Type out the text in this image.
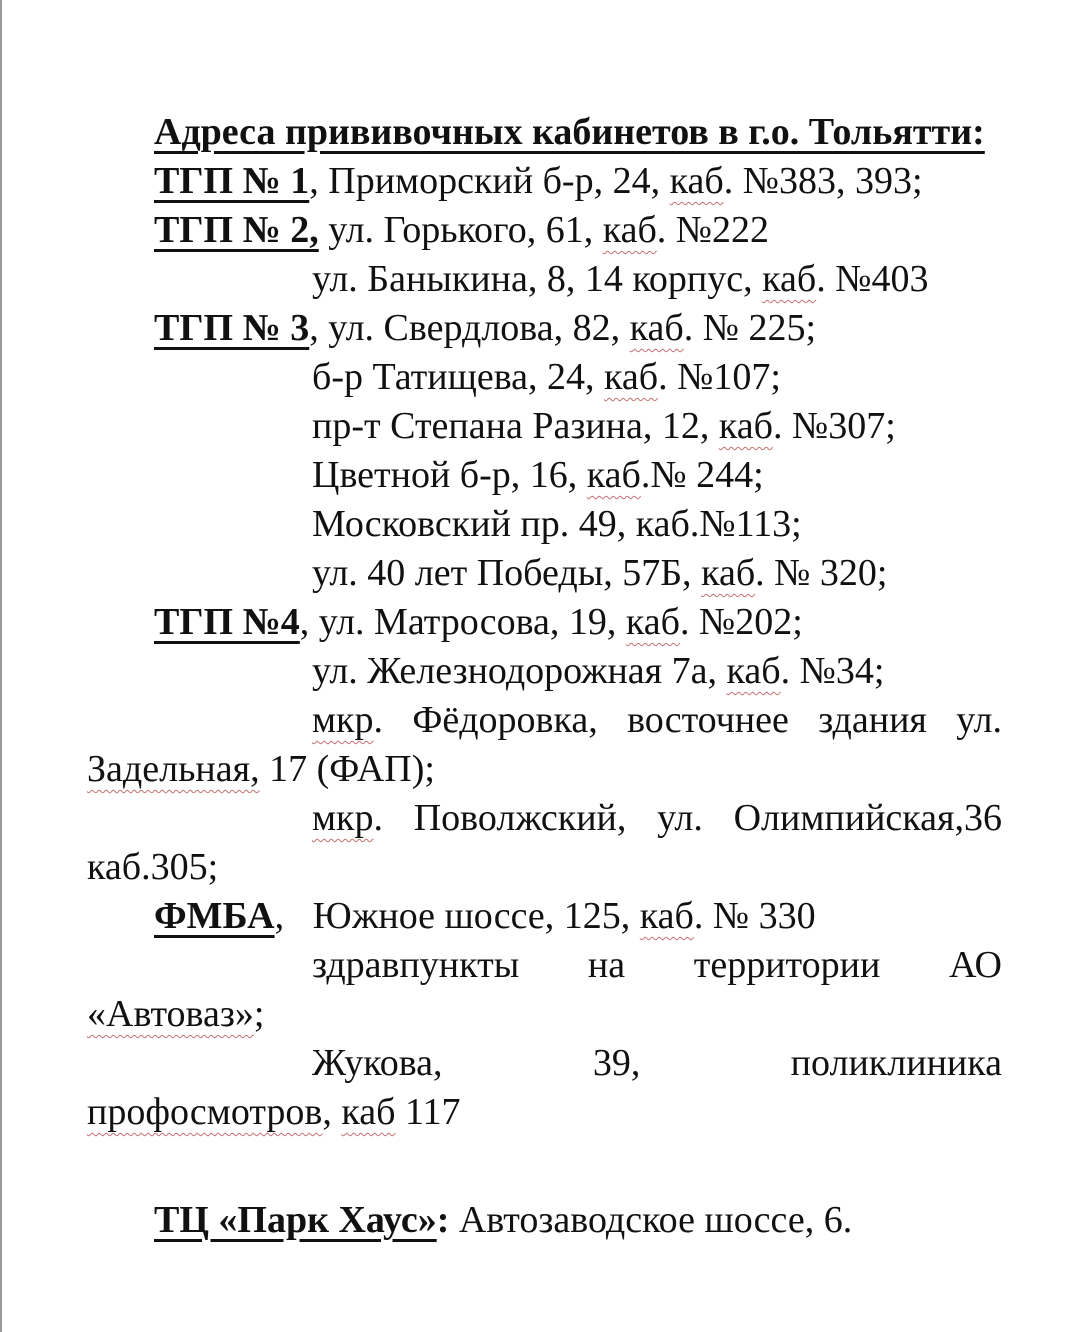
Адреса прививочных кабинетов в г.о. Тольятти:
ТГП № 1, Приморский б-р, 24, каб. №383, 393;
ТГП № 2, ул. Горького, 61, каб. №222
ул. Баныкина, 8, 14 корпус, каб. №403
ТГП № 3, ул. Свердлова, 82, каб. № 225;
б-р Татищева, 24, каб. №107;
пр-т Степана Разина, 12, каб. №307;
Цветной б-р, 16, каб.№ 244;
Московский пр. 49, каб.№113;
ул. 40 лет Победы, 57Б, каб. № 320;
ТГП №4, ул. Матросова, 19, каб. №202;
ул. Железнодорожная 7а, каб. №34;
мкр. Фёдоровка, восточнее здания ул.
Задельная, 17 (ФАП);
мкр. Поволжский, ул. Олимпийская,36
каб.305;
ФМБА,   Южное шоссе, 125, каб. № 330
здравпункты на территории АО
«Автоваз»;
Жукова, 39, поликлиника
профосмотров, каб 117
ТЦ «Парк Хаус»: Автозаводское шоссе, 6.
